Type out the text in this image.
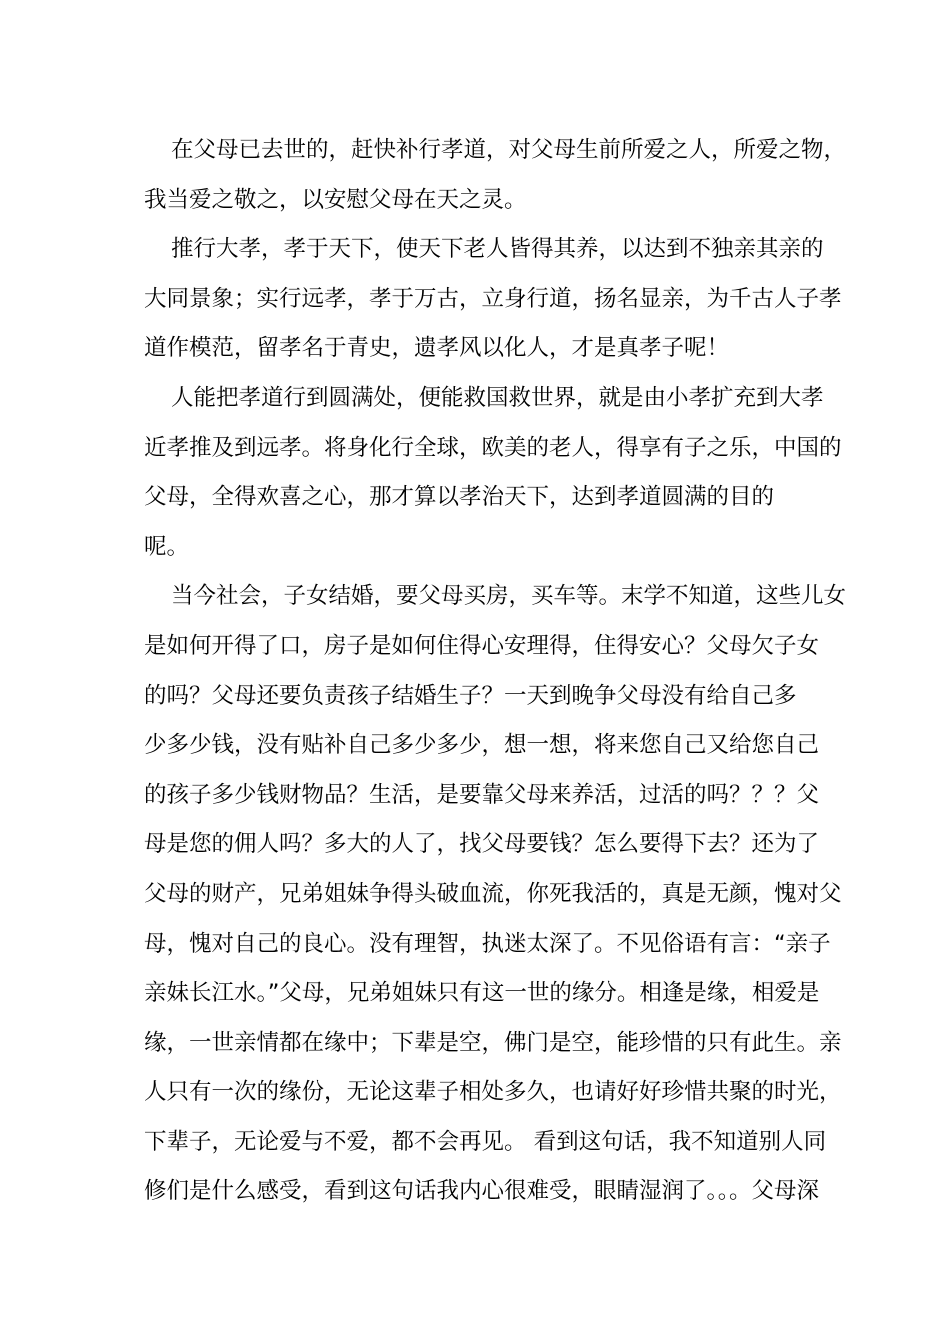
在父母已去世的，赶快补行孝道，对父母生前所爱之人，所爱之物，
我当爱之敬之，以安慰父母在天之灵。
推行大孝，孝于天下，使天下老人皆得其养，以达到不独亲其亲的
大同景象；实行远孝，孝于万古，立身行道，扬名显亲，为千古人子孝
道作模范，留孝名于青史，遗孝风以化人，才是真孝子呢！
人能把孝道行到圆满处，便能救国救世界，就是由小孝扩充到大孝
近孝推及到远孝。将身化行全球，欧美的老人，得享有子之乐，中国的
父母，全得欢喜之心，那才算以孝治天下，达到孝道圆满的目的
呢。
当今社会，子女结婚，要父母买房，买车等。末学不知道，这些儿女
是如何开得了口，房子是如何住得心安理得，住得安心？父母欠子女
的吗？父母还要负责孩子结婚生子？一天到晚争父母没有给自己多
少多少钱，没有贴补自己多少多少，想一想，将来您自己又给您自己
的孩子多少钱财物品？生活，是要靠父母来养活，过活的吗？？？父
母是您的佣人吗？多大的人了，找父母要钱？怎么要得下去？还为了
父母的财产，兄弟姐妹争得头破血流，你死我活的，真是无颜，愧对父
母，愧对自己的良心。没有理智，执迷太深了。不见俗语有言：“亲子
亲妹长江水。”父母，兄弟姐妹只有这一世的缘分。相逢是缘，相爱是
缘，一世亲情都在缘中；下辈是空，佛门是空，能珍惜的只有此生。亲
人只有一次的缘份，无论这辈子相处多久，也请好好珍惜共聚的时光，
下辈子，无论爱与不爱，都不会再见。 看到这句话，我不知道别人同
修们是什么感受，看到这句话我内心很难受，眼睛湿润了。。。父母深
